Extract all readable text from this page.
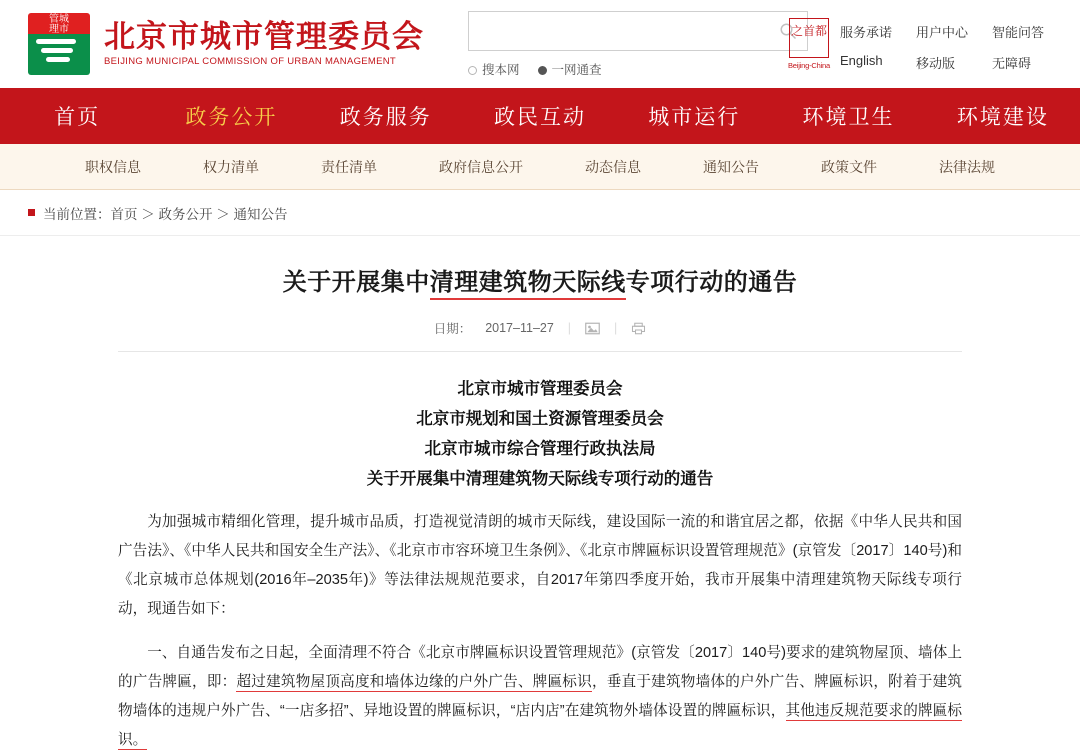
管城
理市	北京市城市管理委员会
BEIJING MUNICIPAL COMMISSION OF URBAN MANAGEMENT
搜本网	一网通查
之首都
Beijing-China
服务承诺	用户中心	智能问答
English	移动版	无障碍
首页	政务公开	政务服务	政民互动	城市运行	环境卫生	环境建设
职权信息	权力清单	责任清单	政府信息公开	动态信息	通知公告	政策文件	法律法规
当前位置： 首页 ＞ 政务公开 ＞ 通知公告
关于开展集中清理建筑物天际线专项行动的通告
日期： 2017–11–27 |	|
北京市城市管理委员会
北京市规划和国土资源管理委员会
北京市城市综合管理行政执法局
关于开展集中清理建筑物天际线专项行动的通告

为加强城市精细化管理，提升城市品质，打造视觉清朗的城市天际线，建设国际一流的和谐宜居之都，依据《中华人民共和国广告法》、《中华人民共和国安全生产法》、《北京市市容环境卫生条例》、《北京市牌匾标识设置管理规范》(京管发〔2017〕140号)和《北京城市总体规划(2016年–2035年)》等法律法规规范要求，自2017年第四季度开始，我市开展集中清理建筑物天际线专项行动，现通告如下：

一、自通告发布之日起，全面清理不符合《北京市牌匾标识设置管理规范》(京管发〔2017〕140号)要求的建筑物屋顶、墙体上的广告牌匾，即：超过建筑物屋顶高度和墙体边缘的户外广告、牌匾标识，垂直于建筑物墙体的户外广告、牌匾标识，附着于建筑物墙体的违规户外广告、“一店多招”、异地设置的牌匾标识，“店内店”在建筑物外墙体设置的牌匾标识，其他违反规范要求的牌匾标识。
